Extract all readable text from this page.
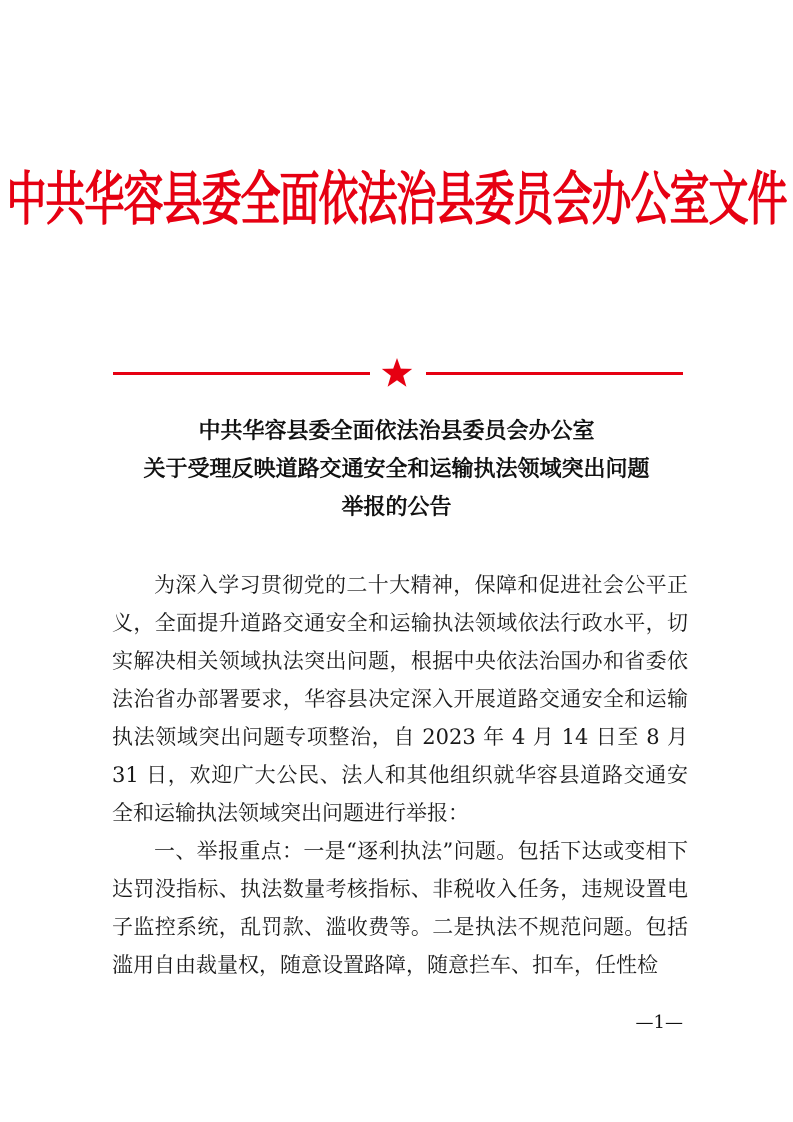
中共华容县委全面依法治县委员会办公室文件
中共华容县委全面依法治县委员会办公室
关于受理反映道路交通安全和运输执法领域突出问题
举报的公告

为深入学习贯彻党的二十大精神，保障和促进社会公平正义，全面提升道路交通安全和运输执法领域依法行政水平，切实解决相关领域执法突出问题，根据中央依法治国办和省委依法治省办部署要求，华容县决定深入开展道路交通安全和运输执法领域突出问题专项整治，自 2023 年 4 月 14 日至 8 月 31 日，欢迎广大公民、法人和其他组织就华容县道路交通安全和运输执法领域突出问题进行举报：

一、举报重点：一是“逐利执法”问题。包括下达或变相下达罚没指标、执法数量考核指标、非税收入任务，违规设置电子监控系统，乱罚款、滥收费等。二是执法不规范问题。包括滥用自由裁量权，随意设置路障，随意拦车、扣车，任性检

—1—
